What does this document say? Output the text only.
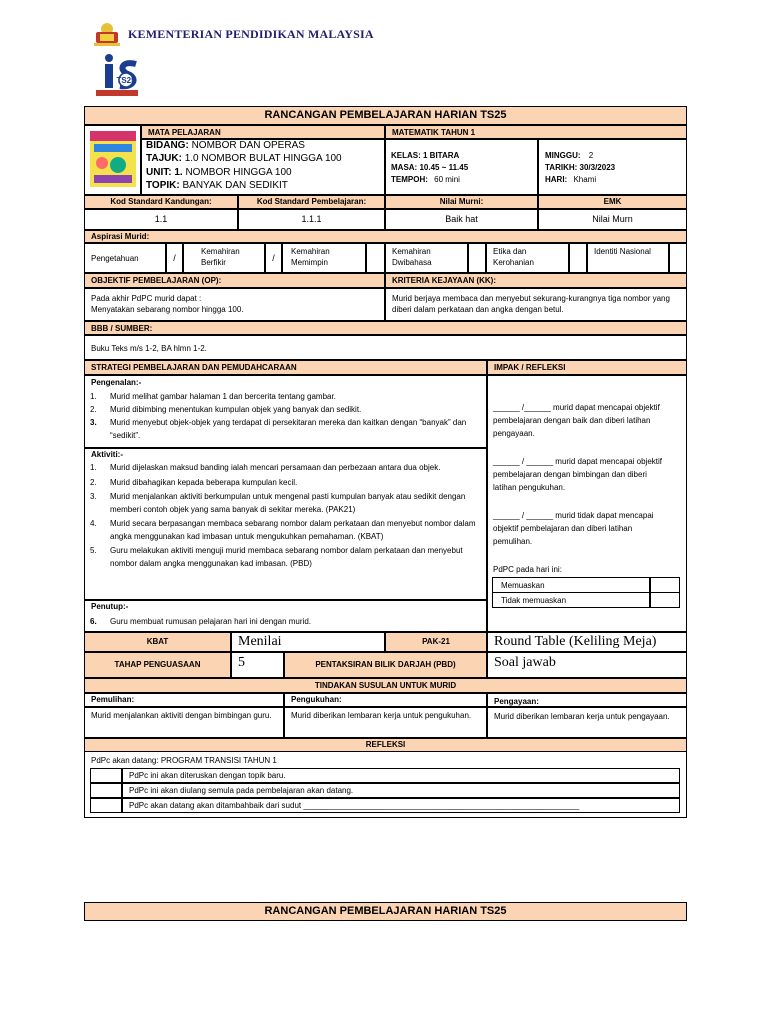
KEMENTERIAN PENDIDIKAN MALAYSIA
TS25
RANCANGAN PEMBELAJARAN HARIAN TS25
MATA PELAJARAN	MATEMATIK TAHUN 1
BIDANG: NOMBOR DAN OPERAS
TAJUK: 1.0 NOMBOR BULAT HINGGA 100
UNIT: 1. NOMBOR HINGGA 100
TOPIK: BANYAK DAN SEDIKIT
KELAS: 1 BITARA
MASA: 10.45 ~ 11.45
TEMPOH: 60 mini
MINGGU: 2
TARIKH: 30/3/2023
HARI: Khami
Kod Standard Kandungan:	Kod Standard Pembelajaran:	Nilai Murni:	EMK
1.1	1.1.1	Baik hat	Nilai Murn
Aspirasi Murid:
Pengetahuan	/
Kemahiran Berfikir	/
Kemahiran Memimpin
Kemahiran Dwibahasa
Etika dan Kerohanian
Identiti Nasional
OBJEKTIF PEMBELAJARAN (OP):	KRITERIA KEJAYAAN (KK):
Pada akhir PdPC murid dapat :
Menyatakan sebarang nombor hingga 100.
Murid berjaya membaca dan menyebut sekurang-kurangnya tiga nombor yang diberi dalam perkataan dan angka dengan betul.
BBB / SUMBER:
Buku Teks m/s 1-2, BA hlmn 1-2.
STRATEGI PEMBELAJARAN DAN PEMUDAHCARAAN	IMPAK / REFLEKSI
Pengenalan:-
1. Murid melihat gambar halaman 1 dan bercerita tentang gambar.
2. Murid dibimbing menentukan kumpulan objek yang banyak dan sedikit.
3. Murid menyebut objek-objek yang terdapat di persekitaran mereka dan kaitkan dengan “banyak” dan “sedikit”.
Aktiviti:-
1. Murid dijelaskan maksud banding ialah mencari persamaan dan perbezaan antara dua objek.
2. Murid dibahagikan kepada beberapa kumpulan kecil.
3. Murid menjalankan aktiviti berkumpulan untuk mengenal pasti kumpulan banyak atau sedikit dengan memberi contoh objek yang sama banyak di sekitar mereka. (PAK21)
4. Murid secara berpasangan membaca sebarang nombor dalam perkataan dan menyebut nombor dalam angka menggunakan kad imbasan untuk mengukuhkan pemahaman. (KBAT)
5. Guru melakukan aktiviti menguji murid membaca sebarang nombor dalam perkataan dan menyebut nombor dalam angka menggunakan kad imbasan. (PBD)
Penutup:-
6. Guru membuat rumusan pelajaran hari ini dengan murid.
______ /______ murid dapat mencapai objektif pembelajaran dengan baik dan diberi latihan pengayaan.
______ / ______ murid dapat mencapai objektif pembelajaran dengan bimbingan dan diberi latihan pengukuhan.
______ / ______ murid tidak dapat mencapai objektif pembelajaran dan diberi latihan pemulihan.
PdPC pada hari ini:
Memuaskan
Tidak memuaskan
KBAT	Menilai	PAK-21	Round Table (Keliling Meja)
TAHAP PENGUASAAN	5	PENTAKSIRAN BILIK DARJAH (PBD)	Soal jawab
TINDAKAN SUSULAN UNTUK MURID
Pemulihan:	Pengukuhan:	Pengayaan:
Murid menjalankan aktiviti dengan bimbingan guru.	Murid diberikan lembaran kerja untuk pengukuhan.	Murid diberikan lembaran kerja untuk pengayaan.
REFLEKSI
PdPc akan datang: PROGRAM TRANSISI TAHUN 1
PdPc ini akan diteruskan dengan topik baru.
PdPc ini akan diulang semula pada pembelajaran akan datang.
PdPc akan datang akan ditambahbaik dari sudut ______________________________________________________________
RANCANGAN PEMBELAJARAN HARIAN TS25
